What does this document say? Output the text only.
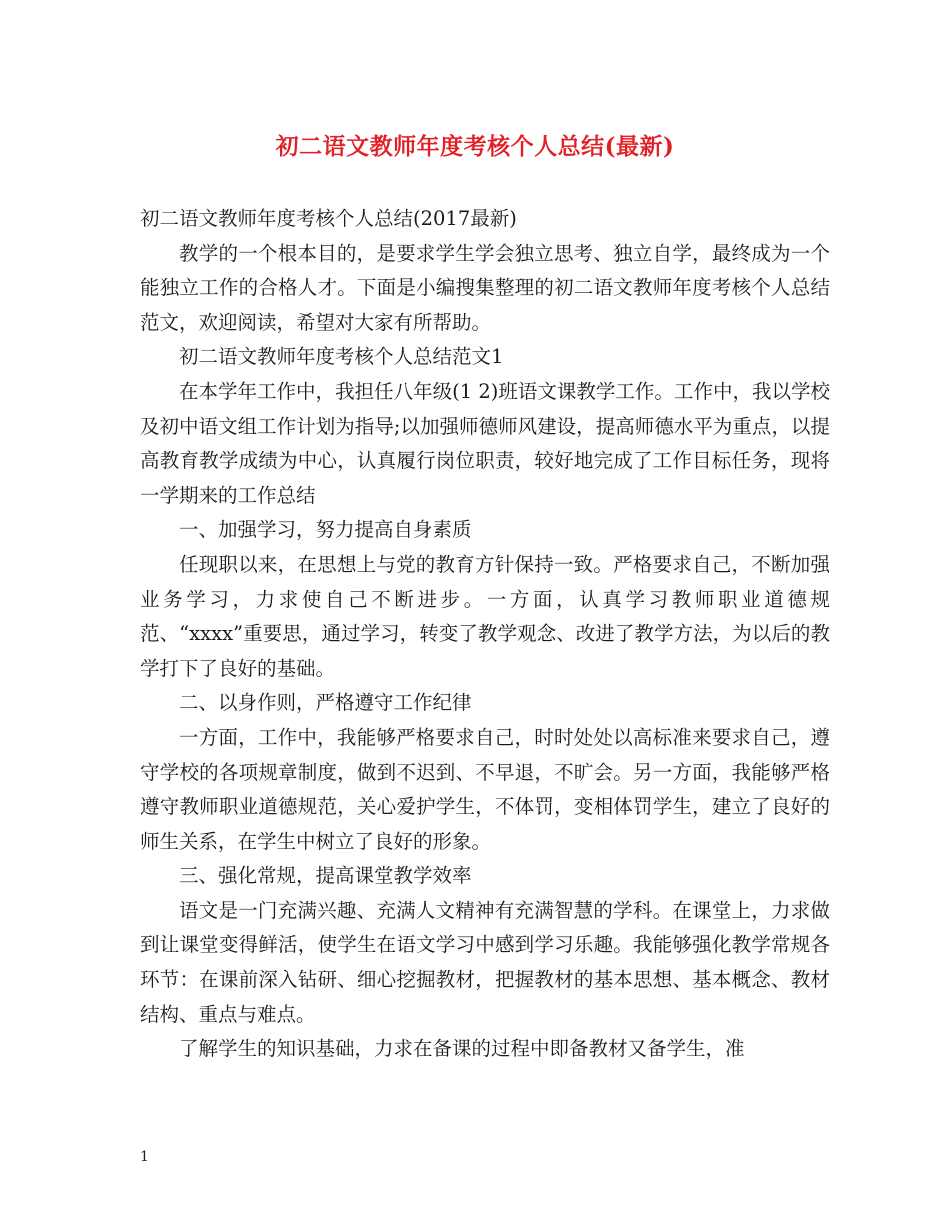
初二语文教师年度考核个人总结(最新)

初二语文教师年度考核个人总结(2017最新)

教学的一个根本目的，是要求学生学会独立思考、独立自学，最终成为一个能独立工作的合格人才。下面是小编搜集整理的初二语文教师年度考核个人总结范文，欢迎阅读，希望对大家有所帮助。

初二语文教师年度考核个人总结范文1

在本学年工作中，我担任八年级(1 2)班语文课教学工作。工作中，我以学校及初中语文组工作计划为指导;以加强师德师风建设，提高师德水平为重点，以提高教育教学成绩为中心，认真履行岗位职责，较好地完成了工作目标任务，现将一学期来的工作总结

一、加强学习，努力提高自身素质

任现职以来，在思想上与党的教育方针保持一致。严格要求自己，不断加强业务学习，力求使自己不断进步。一方面，认真学习教师职业道德规范、“xxxx”重要思，通过学习，转变了教学观念、改进了教学方法，为以后的教学打下了良好的基础。

二、以身作则，严格遵守工作纪律

一方面，工作中，我能够严格要求自己，时时处处以高标准来要求自己，遵守学校的各项规章制度，做到不迟到、不早退，不旷会。另一方面，我能够严格遵守教师职业道德规范，关心爱护学生，不体罚，变相体罚学生，建立了良好的师生关系，在学生中树立了良好的形象。

三、强化常规，提高课堂教学效率

语文是一门充满兴趣、充满人文精神有充满智慧的学科。在课堂上，力求做到让课堂变得鲜活，使学生在语文学习中感到学习乐趣。我能够强化教学常规各环节：在课前深入钻研、细心挖掘教材，把握教材的基本思想、基本概念、教材结构、重点与难点。

了解学生的知识基础，力求在备课的过程中即备教材又备学生，准

1
